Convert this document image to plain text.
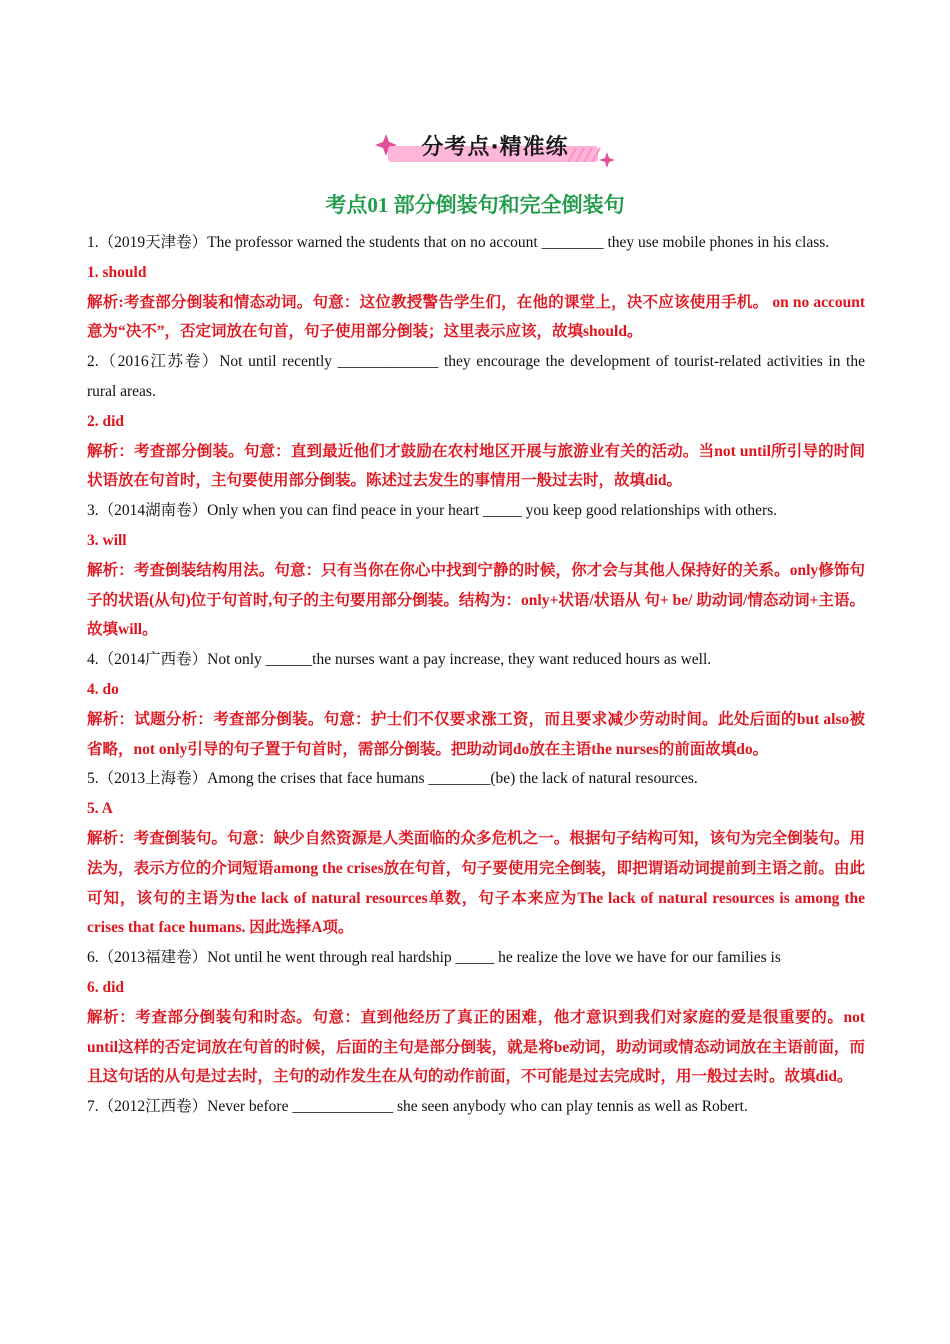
分考点·精准练
考点01 部分倒装句和完全倒装句

1.（2019天津卷）The professor warned the students that on no account ________ they use mobile phones in his class.

1. should

解析:考查部分倒装和情态动词。句意：这位教授警告学生们，在他的课堂上，决不应该使用手机。 on no account意为“决不”，否定词放在句首，句子使用部分倒装；这里表示应该，故填should。

2.（2016江苏卷）Not until recently _____________ they encourage the development of tourist-related activities in the rural areas.

2. did

解析：考查部分倒装。句意：直到最近他们才鼓励在农村地区开展与旅游业有关的活动。当not until所引导的时间状语放在句首时，主句要使用部分倒装。陈述过去发生的事情用一般过去时，故填did。

3.（2014湖南卷）Only when you can find peace in your heart _____ you keep good relationships with others.

3. will

解析：考查倒装结构用法。句意：只有当你在你心中找到宁静的时候，你才会与其他人保持好的关系。only修饰句子的状语(从句)位于句首时,句子的主句要用部分倒装。结构为：only+状语/状语从 句+ be/ 助动词/情态动词+主语。故填will。

4.（2014广西卷）Not only ______the nurses want a pay increase, they want reduced hours as well.

4. do

解析：试题分析：考查部分倒装。句意：护士们不仅要求涨工资，而且要求减少劳动时间。此处后面的but also被省略，not only引导的句子置于句首时，需部分倒装。把助动词do放在主语the nurses的前面故填do。

5.（2013上海卷）Among the crises that face humans ________(be) the lack of natural resources.

5. A

解析：考查倒装句。句意：缺少自然资源是人类面临的众多危机之一。根据句子结构可知，该句为完全倒装句。用法为，表示方位的介词短语among the crises放在句首，句子要使用完全倒装，即把谓语动词提前到主语之前。由此可知，该句的主语为the lack of natural resources单数，句子本来应为The lack of natural resources is among the crises that face humans. 因此选择A项。

6.（2013福建卷）Not until he went through real hardship _____ he realize the love we have for our families is

6. did

解析：考查部分倒装句和时态。句意：直到他经历了真正的困难，他才意识到我们对家庭的爱是很重要的。not until这样的否定词放在句首的时候，后面的主句是部分倒装，就是将be动词，助动词或情态动词放在主语前面，而且这句话的从句是过去时，主句的动作发生在从句的动作前面，不可能是过去完成时，用一般过去时。故填did。

7.（2012江西卷）Never before _____________ she seen anybody who can play tennis as well as Robert.
